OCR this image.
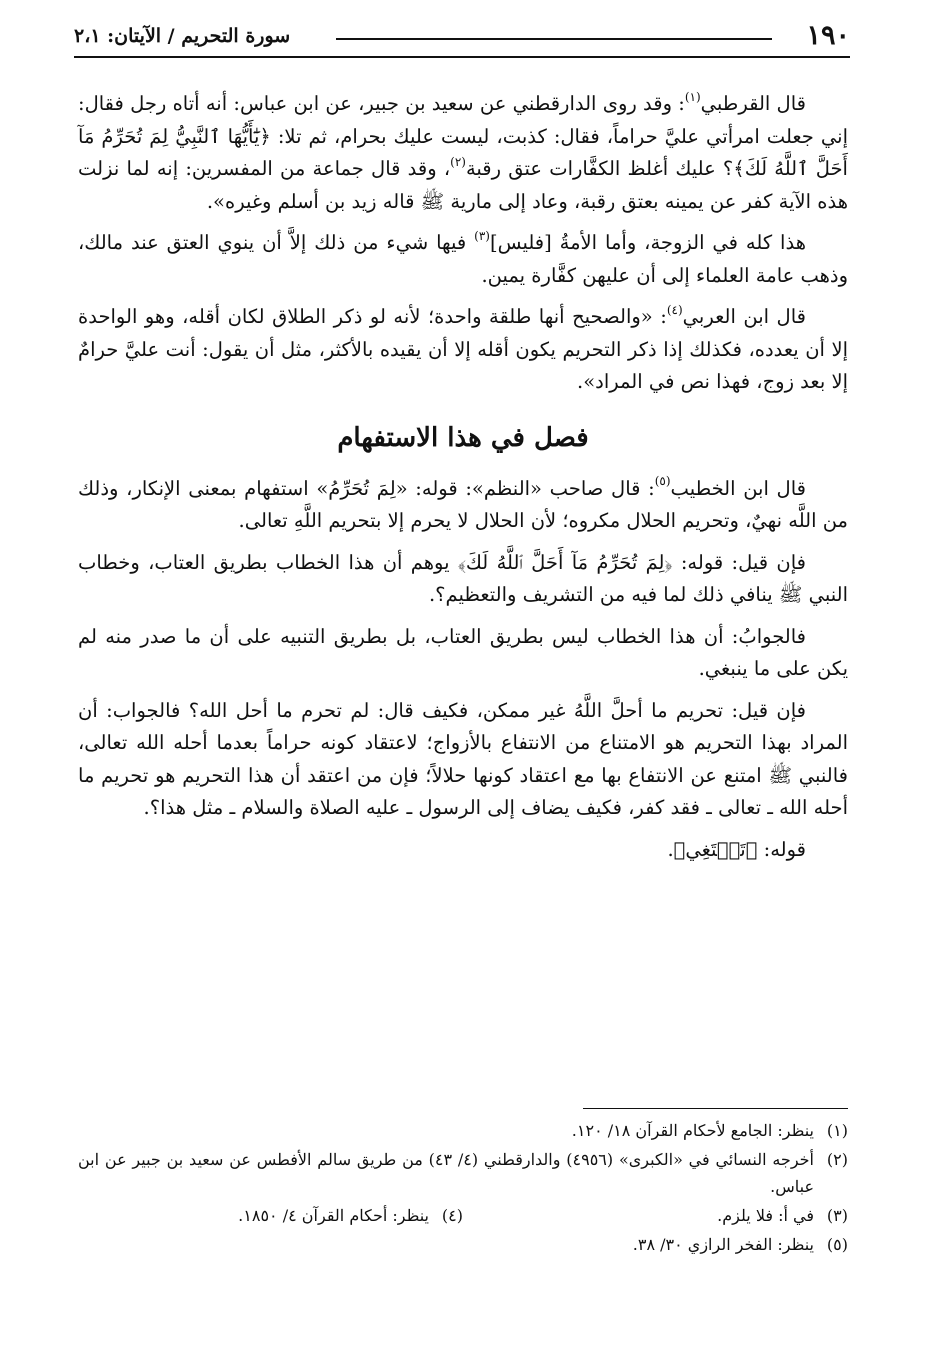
١٩٠
سورة التحريم / الآيتان: ٢،١

قال القرطبي$^{(١)}$: وقد روى الدارقطني عن سعيد بن جبير، عن ابن عباس: أنه أتاه رجل فقال: إني جعلت امرأتي عليَّ حراماً، فقال: كذبت، ليست عليك بحرام، ثم تلا: ﴿يَٰٓأَيُّهَا ٱلنَّبِيُّ لِمَ تُحَرِّمُ مَآ أَحَلَّ ٱللَّهُ لَكَ﴾؟ عليك أغلظ الكفَّارات عتق رقبة$^{(٢)}$، وقد قال جماعة من المفسرين: إنه لما نزلت هذه الآية كفر عن يمينه بعتق رقبة، وعاد إلى مارية ﷺ قاله زيد بن أسلم وغيره».

هذا كله في الزوجة، وأما الأمةُ [فليس]$^{(٣)}$ فيها شيء من ذلك إلاَّ أن ينوي العتق عند مالك، وذهب عامة العلماء إلى أن عليهن كفَّارة يمين.

قال ابن العربي$^{(٤)}$: «والصحيح أنها طلقة واحدة؛ لأنه لو ذكر الطلاق لكان أقله، وهو الواحدة إلا أن يعدده، فكذلك إذا ذكر التحريم يكون أقله إلا أن يقيده بالأكثر، مثل أن يقول: أنت عليَّ حرامٌ إلا بعد زوج، فهذا نص في المراد».

فصل في هذا الاستفهام

قال ابن الخطيب$^{(٥)}$: قال صاحب «النظم»: قوله: «لِمَ تُحَرِّمُ» استفهام بمعنى الإنكار، وذلك من اللَّه نهيٌ، وتحريم الحلال مكروه؛ لأن الحلال لا يحرم إلا بتحريم اللَّهِ تعالى.

فإن قيل: قوله: ﴿لِمَ تُحَرِّمُ مَآ أَحَلَّ ٱللَّهُ لَكَ﴾ يوهم أن هذا الخطاب بطريق العتاب، وخطاب النبي ﷺ ينافي ذلك لما فيه من التشريف والتعظيم؟.

فالجوابُ: أن هذا الخطاب ليس بطريق العتاب، بل بطريق التنبيه على أن ما صدر منه لم يكن على ما ينبغي.

فإن قيل: تحريم ما أحلَّ اللَّهُ غير ممكن، فكيف قال: لم تحرم ما أحل الله؟ فالجواب: أن المراد بهذا التحريم هو الامتناع من الانتفاع بالأزواج؛ لاعتقاد كونه حراماً بعدما أحله الله تعالى، فالنبي ﷺ امتنع عن الانتفاع بها مع اعتقاد كونها حلالاً؛ فإن من اعتقد أن هذا التحريم هو تحريم ما أحله الله ـ تعالى ـ فقد كفر، فكيف يضاف إلى الرسول ـ عليه الصلاة والسلام ـ مثل هذا؟.

قوله: ﴿تَبۡتَغِي﴾.

(١)
ينظر: الجامع لأحكام القرآن ١٨/ ١٢٠.
(٢)
أخرجه النسائي في «الكبرى» (٤٩٥٦) والدارقطني (٤/ ٤٣) من طريق سالم الأفطس عن سعيد بن جبير عن ابن عباس.
(٣)
في أ: فلا يلزم.
(٤)
ينظر: أحكام القرآن ٤/ ١٨٥٠.
(٥)
ينظر: الفخر الرازي ٣٠/ ٣٨.
